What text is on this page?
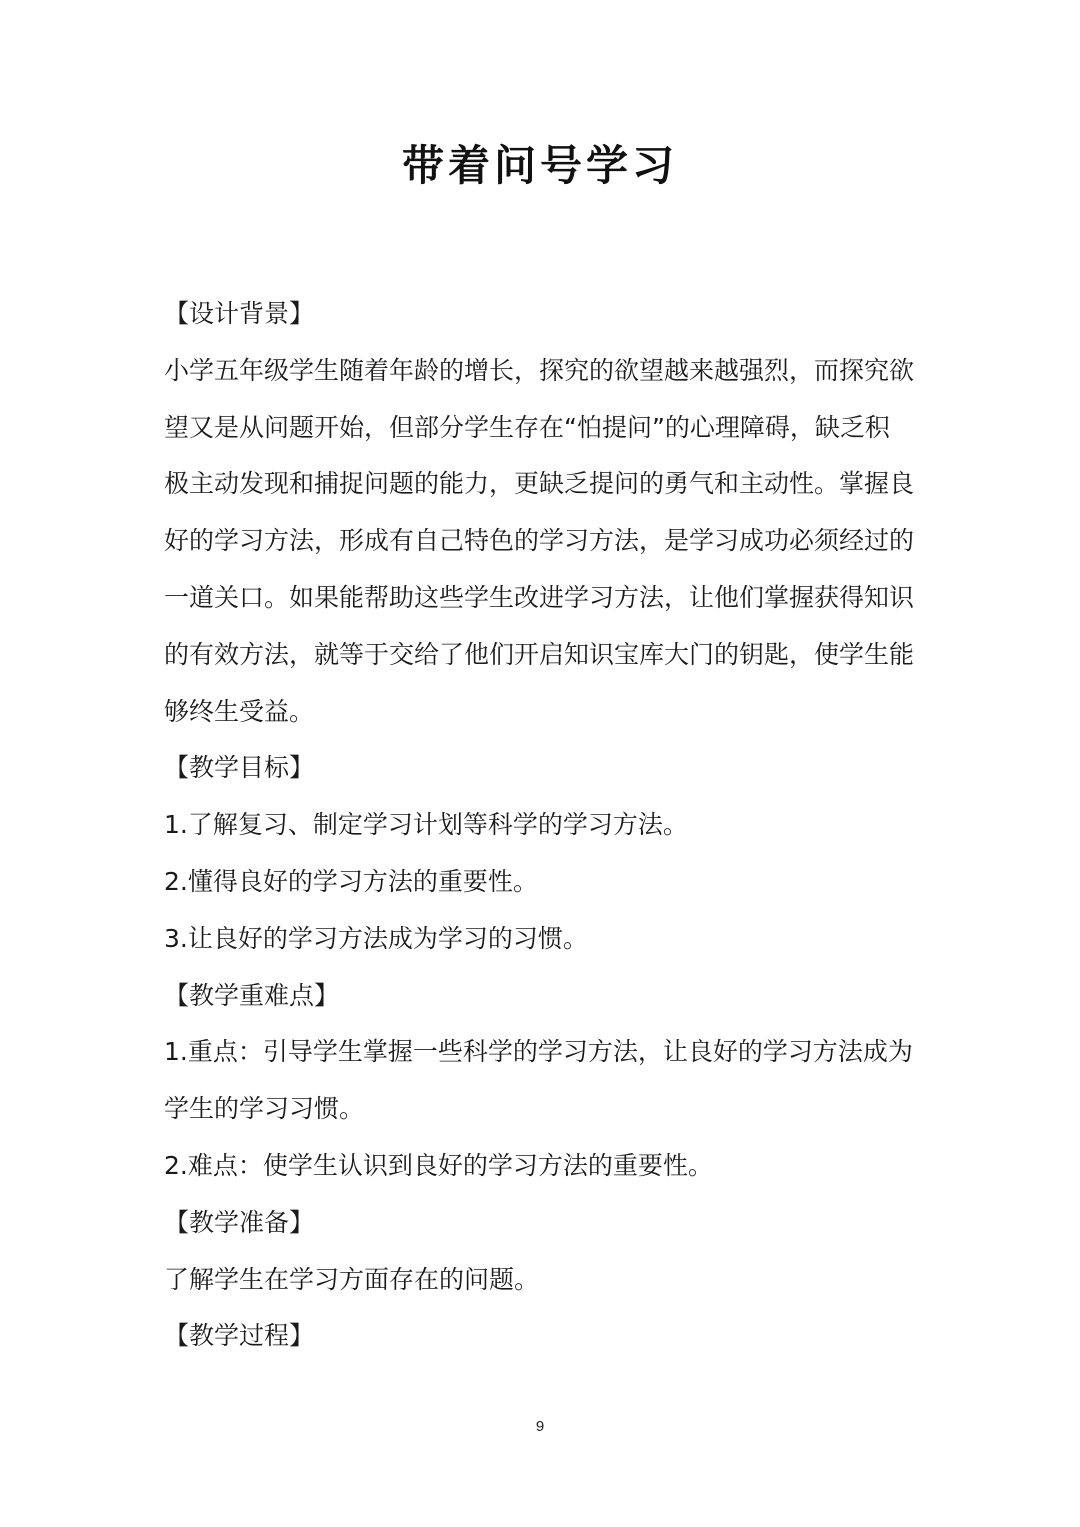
带着问号学习
【设计背景】
小学五年级学生随着年龄的增长，探究的欲望越来越强烈，而探究欲
望又是从问题开始，但部分学生存在“怕提问”的心理障碍，缺乏积
极主动发现和捕捉问题的能力，更缺乏提问的勇气和主动性。掌握良
好的学习方法，形成有自己特色的学习方法，是学习成功必须经过的
一道关口。如果能帮助这些学生改进学习方法，让他们掌握获得知识
的有效方法，就等于交给了他们开启知识宝库大门的钥匙，使学生能
够终生受益。
【教学目标】
1.了解复习、制定学习计划等科学的学习方法。
2.懂得良好的学习方法的重要性。
3.让良好的学习方法成为学习的习惯。
【教学重难点】
1.重点：引导学生掌握一些科学的学习方法，让良好的学习方法成为
学生的学习习惯。
2.难点：使学生认识到良好的学习方法的重要性。
【教学准备】
了解学生在学习方面存在的问题。
【教学过程】
9
